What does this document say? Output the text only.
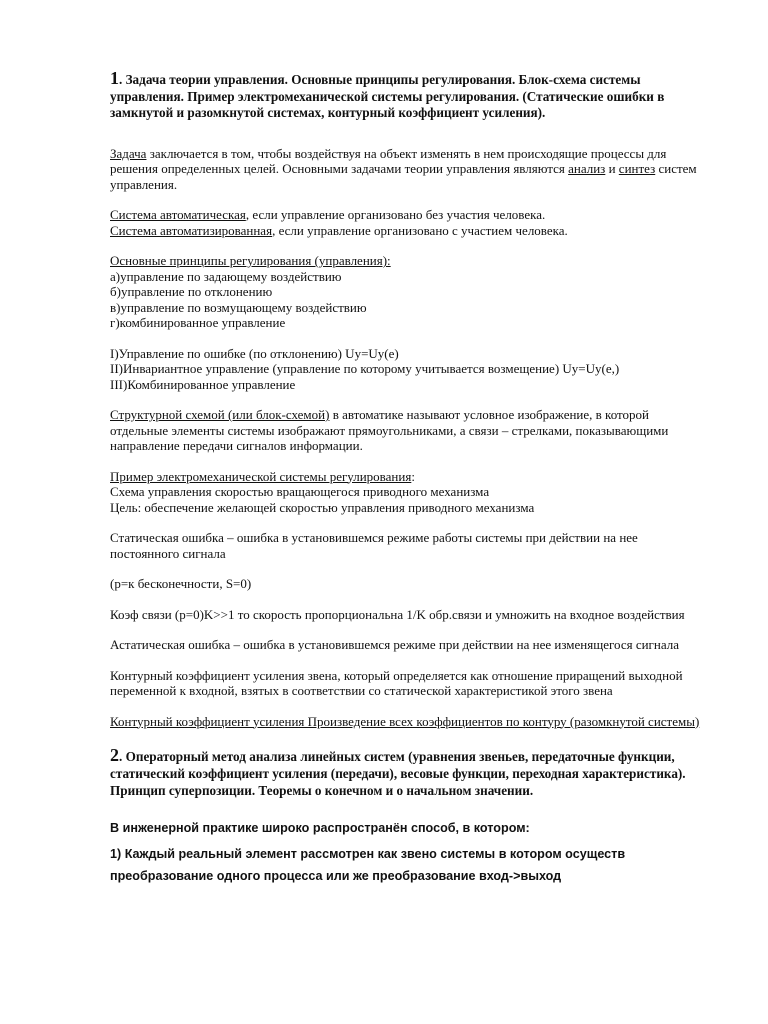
1. Задача теории управления. Основные принципы регулирования. Блок-схема системы управления. Пример электромеханической системы регулирования. (Статические ошибки в замкнутой и разомкнутой системах, контурный коэффициент усиления).
Задача заключается в том, чтобы воздействуя на объект изменять в нем происходящие процессы для решения определенных целей. Основными задачами теории управления являются анализ и синтез систем управления.
Система автоматическая, если управление организовано без участия человека.
Система автоматизированная, если управление организовано с участием человека.
Основные принципы регулирования (управления):
а)управление по задающему воздействию
б)управление по отклонению
в)управление по возмущающему воздействию
г)комбинированное управление
I)Управление по ошибке (по отклонению) Uy=Uy(e)
II)Инвариантное управление (управление по которому учитывается возмещение) Uy=Uy(e,)
III)Комбинированное управление
Структурной схемой (или блок-схемой) в автоматике называют условное изображение, в которой отдельные элементы системы изображают прямоугольниками, а связи – стрелками, показывающими направление передачи сигналов информации.
Пример электромеханической системы регулирования:
Схема управления скоростью вращающегося приводного механизма
Цель: обеспечение желающей скоростью управления приводного механизма
Статическая ошибка – ошибка в установившемся режиме работы системы при действии на нее постоянного сигнала
(p=к бесконечности, S=0)
Коэф связи (p=0)K>>1 то скорость пропорциональна 1/K обр.связи и умножить на входное воздействия
Астатическая ошибка – ошибка в установившемся режиме при действии на нее изменящегося сигнала
Контурный коэффициент усиления звена, который определяется как отношение приращений выходной переменной к входной, взятых в соответствии со статической характеристикой этого звена
Контурный коэффициент усиления Произведение всех коэффициентов по контуру (разомкнутой системы)
2. Операторный метод анализа линейных систем (уравнения звеньев, передаточные функции, статический коэффициент усиления (передачи), весовые функции, переходная характеристика). Принцип суперпозиции. Теоремы о конечном и о начальном значении.

В инженерной практике широко распространён способ, в котором:

1) Каждый реальный элемент рассмотрен как звено системы в котором осуществ преобразование одного процесса или же преобразование вход->выход
